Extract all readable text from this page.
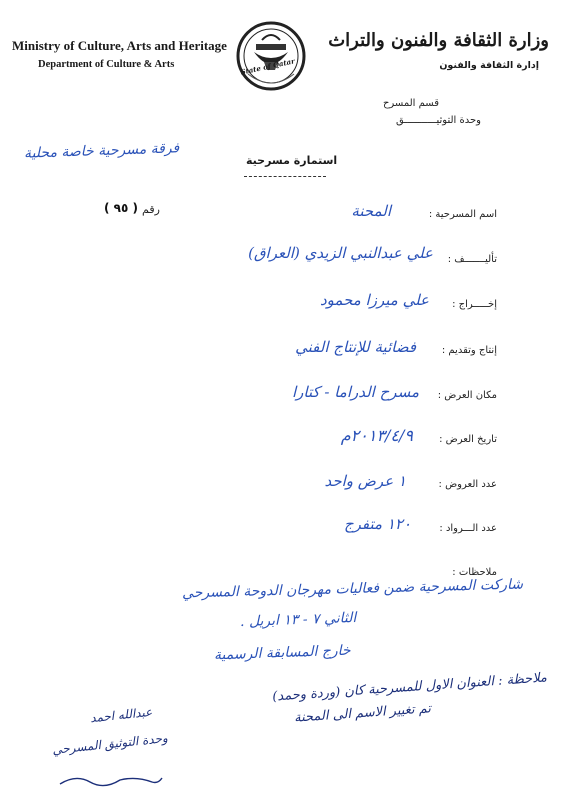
Ministry of Culture, Arts and Heritage
Department of Culture & Arts	State of Qatar
وزارة الثقافة والفنون والتراث
إدارة الثقافة والفنون
قسم المسرح
وحدة التوثيـــــــــــق
فرقة مسرحية خاصة محلية	استمارة مسرحية
رقم
( ٩٥ )	اسم المسرحية :
المحنة
تأليـــــــف :
علي عبدالنبي الزيدي (العراق)
إخـــــراج :
علي ميرزا محمود
إنتاج وتقديم :
فضائية للإنتاج الفني
مكان العرض :
مسرح الدراما - كتارا
تاريخ العرض :
٢٠١٣/٤/٩م
عدد العروض :
١ عرض واحد
عدد الـــرواد :
١٢٠ متفرج
ملاحظات :
شاركت المسرحية ضمن فعاليات مهرجان الدوحة المسرحي
الثاني ٧ - ١٣ ابريل .
خارج المسابقة الرسمية
ملاحظة : العنوان الاول للمسرحية كان (وردة وحمد)
تم تغيير الاسم الى المحنة
عبدالله احمد
وحدة التوثيق المسرحي
